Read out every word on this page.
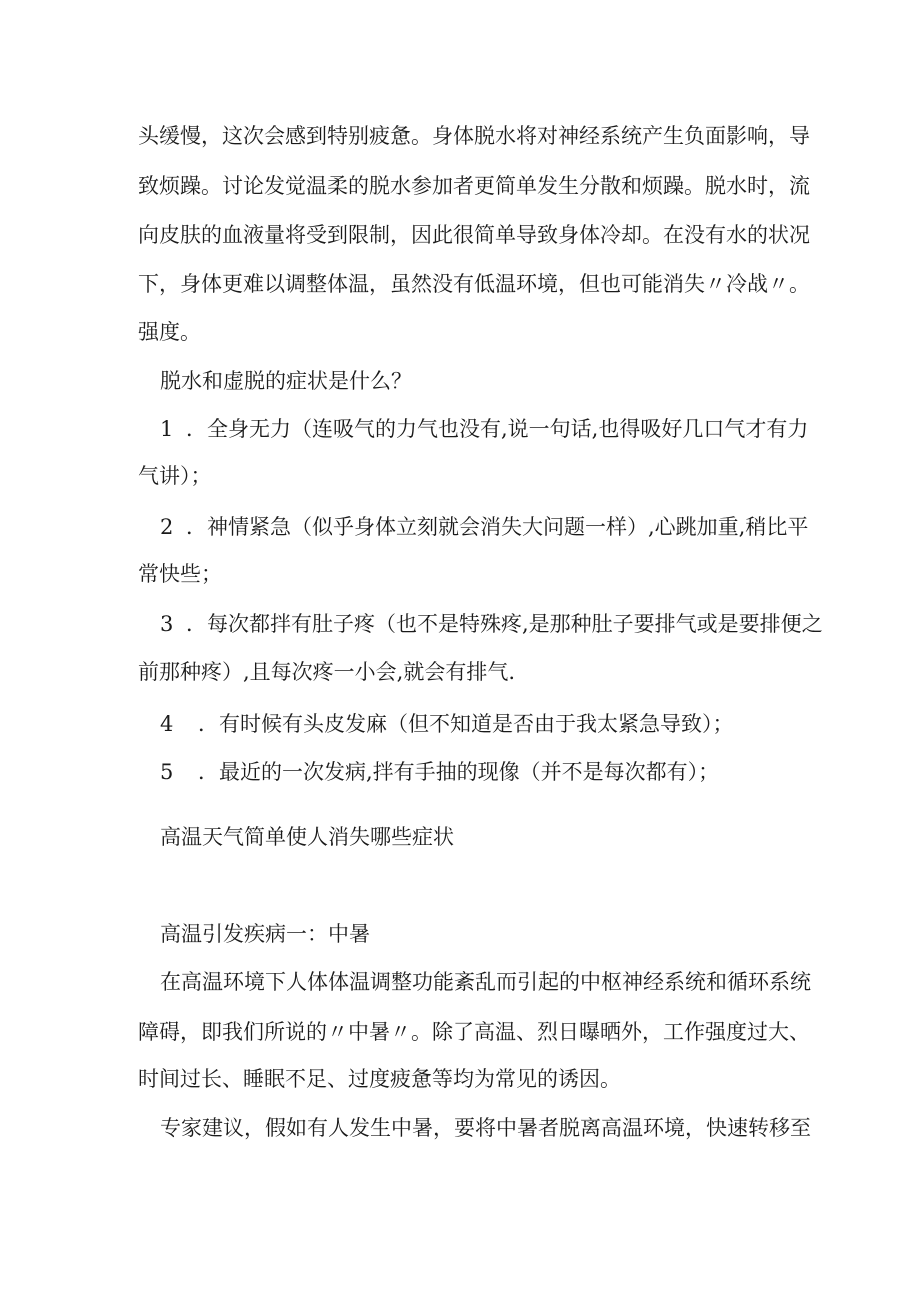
头缓慢，这次会感到特别疲惫。身体脱水将对神经系统产生负面影响，导
致烦躁。讨论发觉温柔的脱水参加者更简单发生分散和烦躁。脱水时，流
向皮肤的血液量将受到限制，因此很简单导致身体冷却。在没有水的状况
下，身体更难以调整体温，虽然没有低温环境，但也可能消失〃冷战〃。
强度。
脱水和虚脱的症状是什么？
1 ．全身无力（连吸气的力气也没有,说一句话,也得吸好几口气才有力
气讲）；
2 ．神情紧急（似乎身体立刻就会消失大问题一样）,心跳加重,稍比平
常快些；
3 ．每次都拌有肚子疼（也不是特殊疼,是那种肚子要排气或是要排便之
前那种疼）,且每次疼一小会,就会有排气.
4 ．有时候有头皮发麻（但不知道是否由于我太紧急导致）；
5 ．最近的一次发病,拌有手抽的现像（并不是每次都有）；
高温天气简单使人消失哪些症状
高温引发疾病一：中暑
在高温环境下人体体温调整功能紊乱而引起的中枢神经系统和循环系统
障碍，即我们所说的〃中暑〃。除了高温、烈日曝晒外，工作强度过大、
时间过长、睡眠不足、过度疲惫等均为常见的诱因。
专家建议，假如有人发生中暑，要将中暑者脱离高温环境，快速转移至
